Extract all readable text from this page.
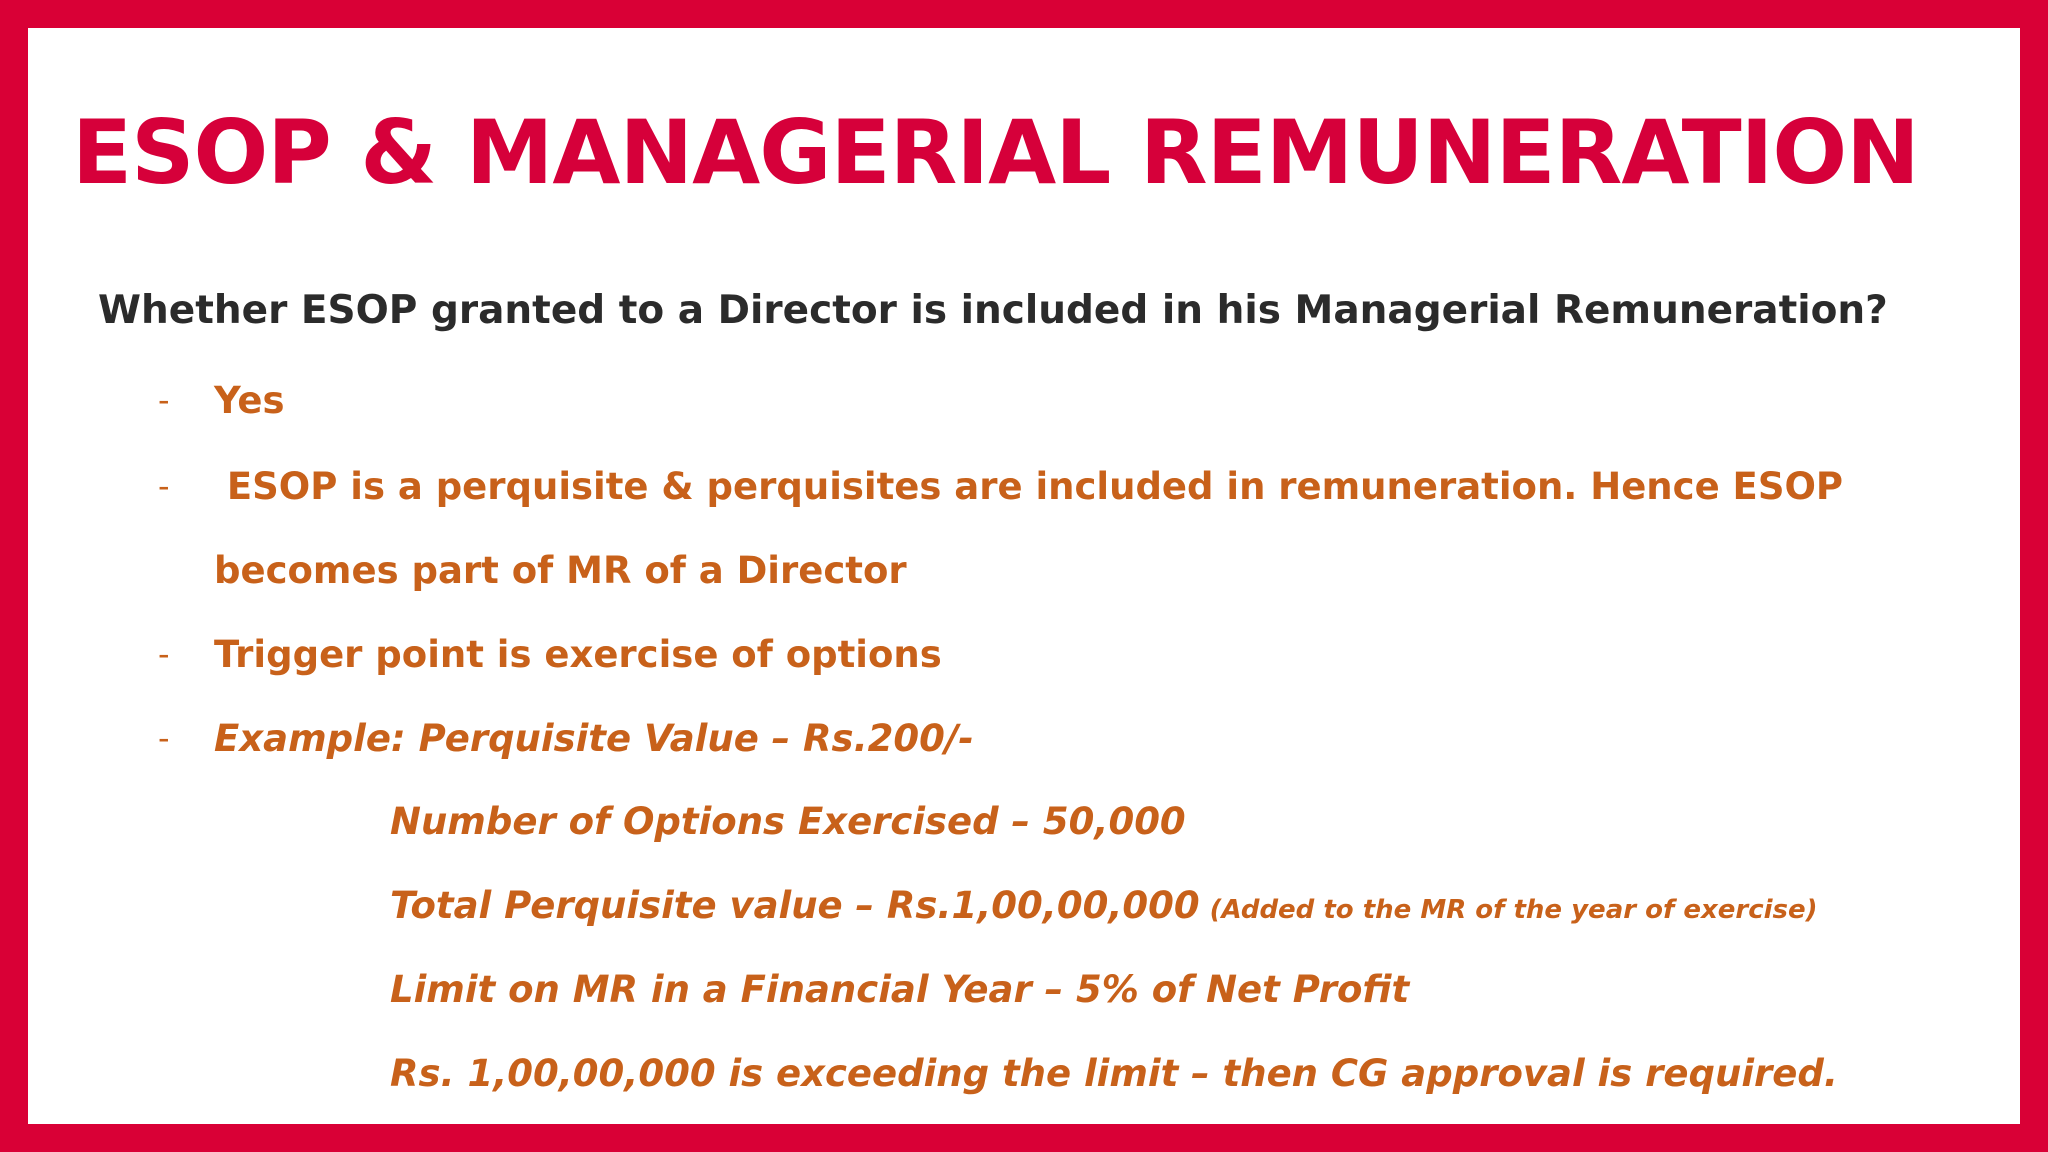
ESOP & MANAGERIAL REMUNERATION

Whether ESOP granted to a Director is included in his Managerial Remuneration?

-	Yes
-	ESOP is a perquisite & perquisites are included in remuneration. Hence ESOP
becomes part of MR of a Director
-	Trigger point is exercise of options
-	Example: Perquisite Value – Rs.200/-
Number of Options Exercised – 50,000
Total Perquisite value – Rs.1,00,00,000 (Added to the MR of the year of exercise)
Limit on MR in a Financial Year – 5% of Net Profit
Rs. 1,00,00,000 is exceeding the limit – then CG approval is required.
